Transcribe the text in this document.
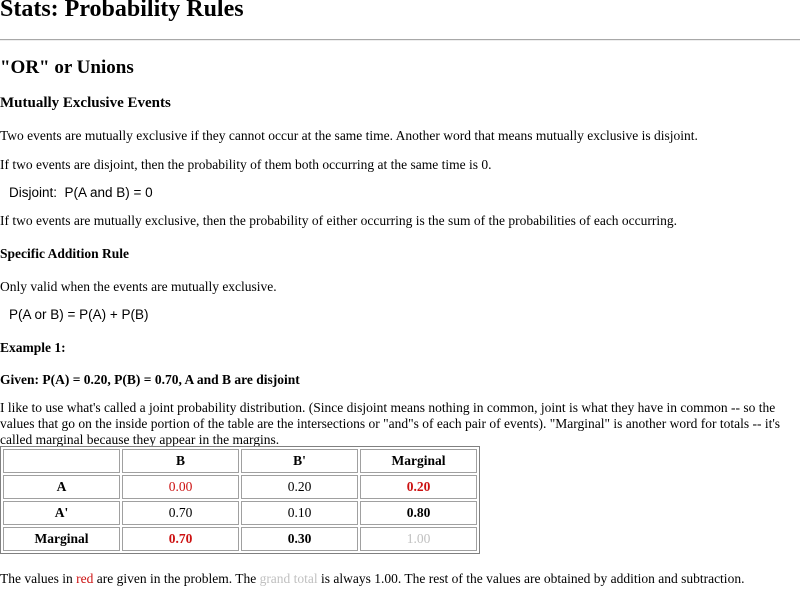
Stats: Probability Rules
"OR" or Unions
Mutually Exclusive Events

Two events are mutually exclusive if they cannot occur at the same time. Another word that means mutually exclusive is disjoint.

If two events are disjoint, then the probability of them both occurring at the same time is 0.

Disjoint:  P(A and B) = 0

If two events are mutually exclusive, then the probability of either occurring is the sum of the probabilities of each occurring.

Specific Addition Rule

Only valid when the events are mutually exclusive.

P(A or B) = P(A) + P(B)

Example 1:

Given: P(A) = 0.20, P(B) = 0.70, A and B are disjoint

I like to use what's called a joint probability distribution. (Since disjoint means nothing in common, joint is what they have in common -- so the values that go on the inside portion of the table are the intersections or "and"s of each pair of events). "Marginal" is another word for totals -- it's called marginal because they appear in the margins.

	B	B'	Marginal
A	0.00	0.20	0.20
A'	0.70	0.10	0.80
Marginal	0.70	0.30	1.00

The values in red are given in the problem. The grand total is always 1.00. The rest of the values are obtained by addition and subtraction.
